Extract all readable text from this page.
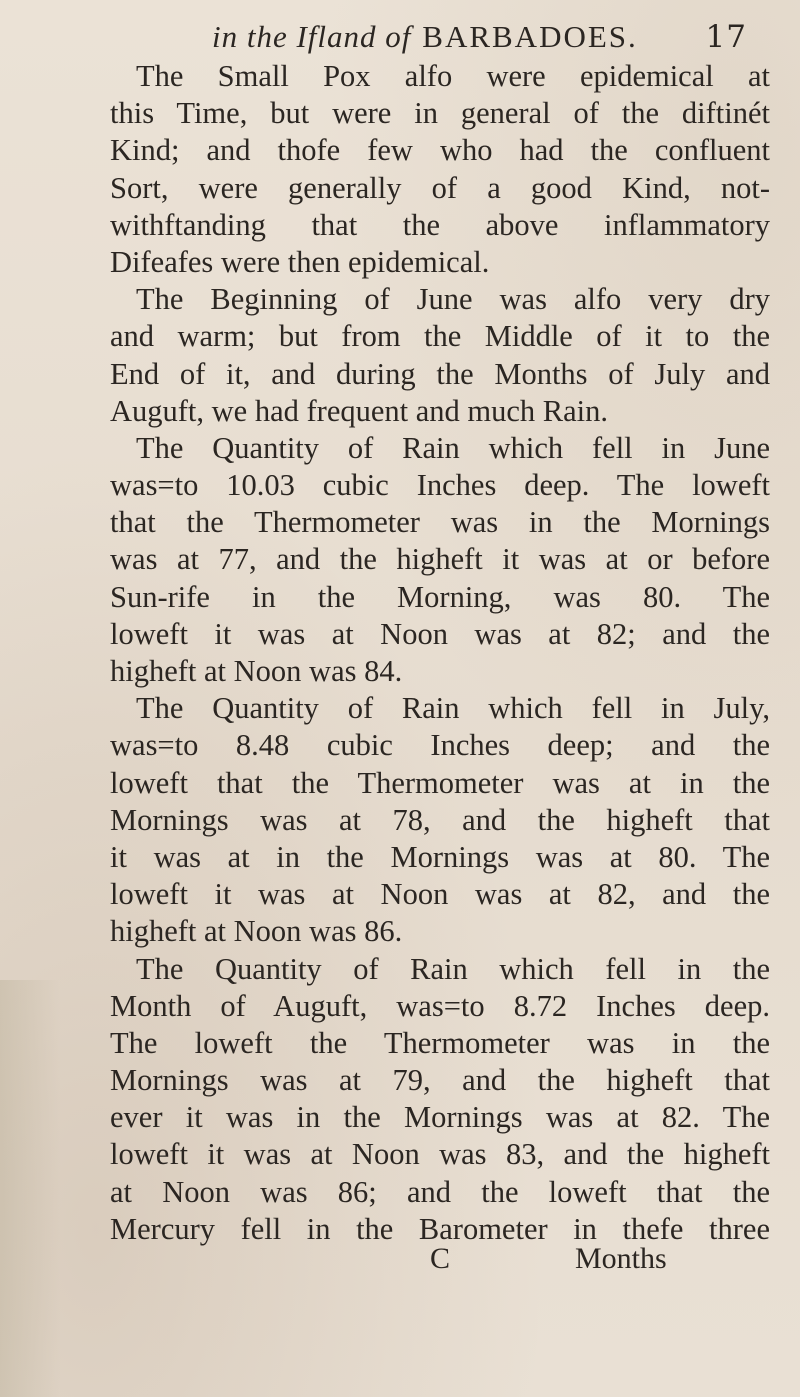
in the Ifland of BARBADOES. 17
The Small Pox alfo were epidemical at
this Time, but were in general of the diftinét
Kind; and thofe few who had the confluent
Sort, were generally of a good Kind, not-
withftanding that the above inflammatory
Difeafes were then epidemical.
The Beginning of June was alfo very dry
and warm; but from the Middle of it to the
End of it, and during the Months of July and
Auguft, we had frequent and much Rain.
The Quantity of Rain which fell in June
was=to 10.03 cubic Inches deep. The loweft
that the Thermometer was in the Mornings
was at 77, and the higheft it was at or before
Sun-rife in the Morning, was 80. The
loweft it was at Noon was at 82; and the
higheft at Noon was 84.
The Quantity of Rain which fell in July,
was=to 8.48 cubic Inches deep; and the
loweft that the Thermometer was at in the
Mornings was at 78, and the higheft that
it was at in the Mornings was at 80. The
loweft it was at Noon was at 82, and the
higheft at Noon was 86.
The Quantity of Rain which fell in the
Month of Auguft, was=to 8.72 Inches deep.
The loweft the Thermometer was in the
Mornings was at 79, and the higheft that
ever it was in the Mornings was at 82. The
loweft it was at Noon was 83, and the higheft
at Noon was 86; and the loweft that the
Mercury fell in the Barometer in thefe three
C	Months
